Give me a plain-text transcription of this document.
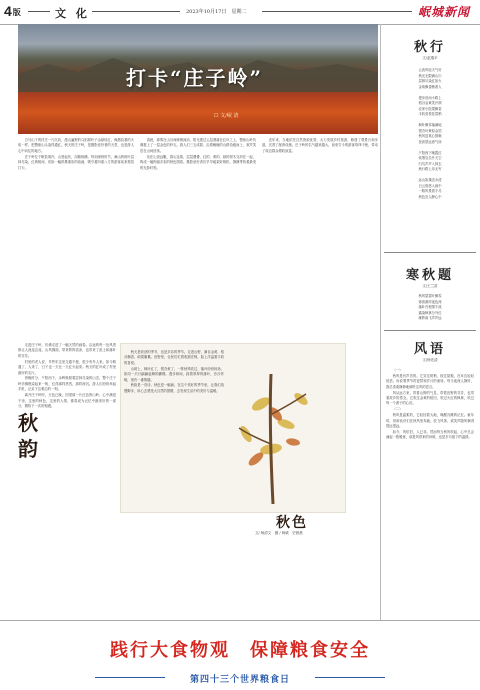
4版	文 化	2023年10月17日　星期二	岷城新闻
打卡“庄子岭”
☐ 文/岷 清

白马山下的村庄一片沉寂，漫山遍野的乌桕树叶子由绿转红，像燃烧着的火焰一样，把整座山头染得通红。秋天的庄子岭，是摄影爱好者的天堂，也是游人心中向往的地方。

庄子岭位于岷县境内，山势起伏，沟壑纵横。每到深秋时节，满山的树叶层林尽染，红黄相间，宛如一幅浓墨重彩的油画，吸引着四面八方的游客前来观赏打卡。

清晨，薄雾在山谷间缓缓流动，阳光透过云层洒落在红叶之上，整座山岭仿佛披上了一层金色的纱衣。游人们三五成群，沿着蜿蜒的山路拾级而上，欢声笑语在山间回荡。

站在山顶远眺，群山连绵，层层叠叠，红的、黄的、绿的树木交织在一起，构成一幅绚丽多彩的秋色图卷。摄影爱好者们早早地架好相机，静静等待着最美的光影时刻。

近年来，当地依托自然资源优势，大力发展乡村旅游，修建了观景台和步道，完善了配套设施。庄子岭的名气越来越大，前来打卡的游客络绎不绝，带动了周边群众增收致富。

走进庄子岭，仿佛走进了一幅天然的画卷。沿途的每一处风景都让人流连忘返，山风拂面，带来阵阵清凉，也带来了泥土和落叶的芬芳。

村里的老人说，早些年这里交通不便，很少有外人来。如今路通了，人来了，日子也一天比一天红火起来。秋天的红叶成了村里最好的名片。

傍晚时分，夕阳西下，余晖映照着层林尽染的山峦，整个庄子岭仿佛燃烧起来一般，红得那样热烈，那样深沉。游人们纷纷举起手机，记录下这难忘的一刻。

离开庄子岭时，天色已晚，回望那一片红色的山岭，心中满是不舍。这里的秋色，这里的人情，都将成为记忆中最美好的一部分，期待下一次的相遇。

秋天是收获的季节，也是多彩的季节。走进山野，满目金黄，稻谷飘香，硕果累累。田野里，农民们忙着收割庄稼，脸上洋溢着丰收的喜悦。

山坡上，枫叶红了，银杏黄了，一阵秋风吹过，落叶纷纷扬扬，如同一只只翩翩起舞的蝴蝶。漫步林间，踩着厚厚的落叶，沙沙作响，别有一番情趣。

秋韵是一首诗，秋色是一幅画。在这个美好的季节里，让我们放慢脚步，用心去感受大自然的馈赠，去发现生活中的美好与温暖。

秋韵
秋色
文/ 杨清文　摄 / 杨威　史晨晨
秋行
文/赵瑞平
云淡风轻天气好
秋光无限满山川
层林尽染红如火
金菊飘香醉游人

漫步田间小路上
稻谷金黄笑开颜
农家小院果飘香
丰收喜悦挂眉梢

枫叶飘零落满地
银杏叶黄似金箔
秋风送爽心情畅
登高望远意气扬

夕阳西下晚霞红
炊烟袅袅升天空
归鸟声声入林去
秋行路上乐无穷

远山如黛近水清
白云悠悠入画中
一路风景看不尽
秋色宜人醉心中
寒秋题
文/王兰苗
秋风瑟瑟叶飘零
寒意渐浓夜色深
落叶归根情不改
霜染枫林分外红
雁阵南飞声声远
风语
文/杨先清

（一）

秋风是有声音的。它穿过树梢，掠过屋檐，在耳边轻轻低语，诉说着季节的更替和岁月的流转。每当夜深人静时，我总喜欢静静地倾听这风的语言。

风从远方来，带着山野的气息，带着田野的芬芳，也带着故乡的思念。它吹过金黄的稻田，吹过火红的枫林，吹过每一个游子的心田。

（二）

秋风是温柔的，它轻抚着大地，唤醒沉睡的记忆。童年时，常和伙伴们在秋风里奔跑，放飞风筝，欢笑声随风飘得很远很远。

如今，风依旧，人已非。然而每当秋风吹起，心中总会涌起一股暖意，那是风带来的问候，也是岁月留下的温情。

践行大食物观　保障粮食安全
第四十三个世界粮食日
